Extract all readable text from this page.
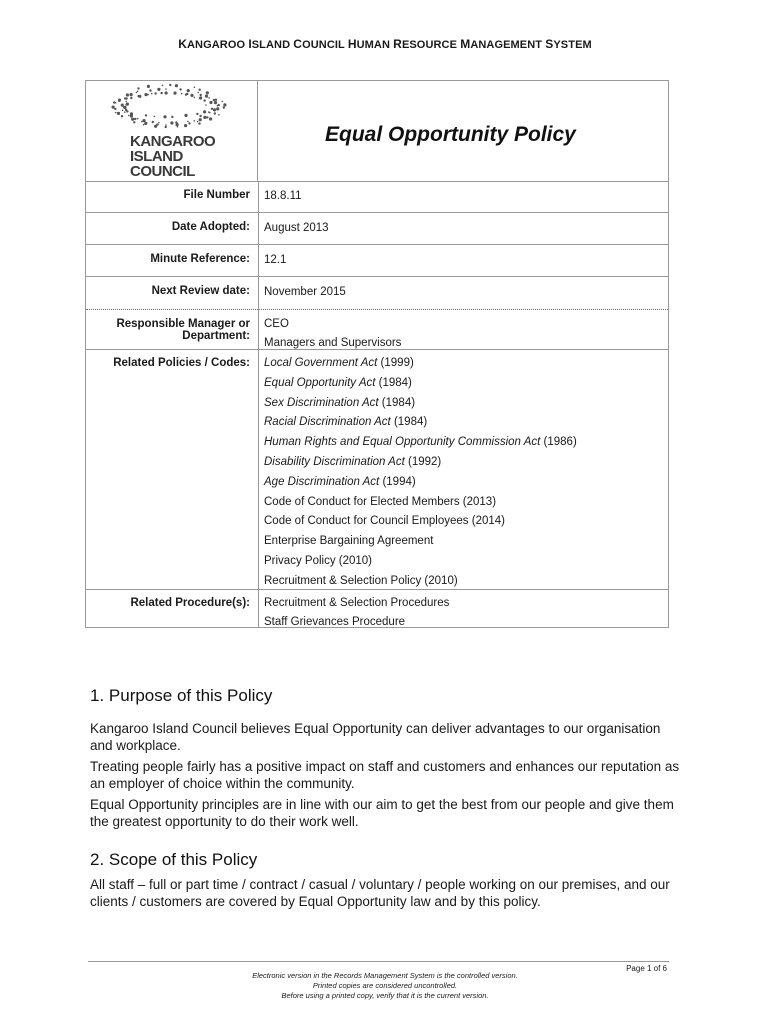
KANGAROO ISLAND COUNCIL HUMAN RESOURCE MANAGEMENT SYSTEM
KANGAROO
ISLAND
COUNCIL
Equal Opportunity Policy
File Number 18.8.11
Date Adopted: August 2013
Minute Reference: 12.1
Next Review date: November 2015
Responsible Manager or
Department:
CEO
Managers and Supervisors
Related Policies / Codes: Local Government Act (1999)
Equal Opportunity Act (1984)
Sex Discrimination Act (1984)
Racial Discrimination Act (1984)
Human Rights and Equal Opportunity Commission Act (1986)
Disability Discrimination Act (1992)
Age Discrimination Act (1994)
Code of Conduct for Elected Members (2013)
Code of Conduct for Council Employees (2014)
Enterprise Bargaining Agreement
Privacy Policy (2010)
Recruitment & Selection Policy (2010)
Related Procedure(s): Recruitment & Selection Procedures
Staff Grievances Procedure
1. Purpose of this Policy

Kangaroo Island Council believes Equal Opportunity can deliver advantages to our organisation and workplace.

Treating people fairly has a positive impact on staff and customers and enhances our reputation as an employer of choice within the community.

Equal Opportunity principles are in line with our aim to get the best from our people and give them the greatest opportunity to do their work well.

2. Scope of this Policy

All staff – full or part time / contract / casual / voluntary / people working on our premises, and our clients / customers are covered by Equal Opportunity law and by this policy.

Page 1 of 6
Electronic version in the Records Management System is the controlled version.
Printed copies are considered uncontrolled.
Before using a printed copy, verify that it is the current version.
